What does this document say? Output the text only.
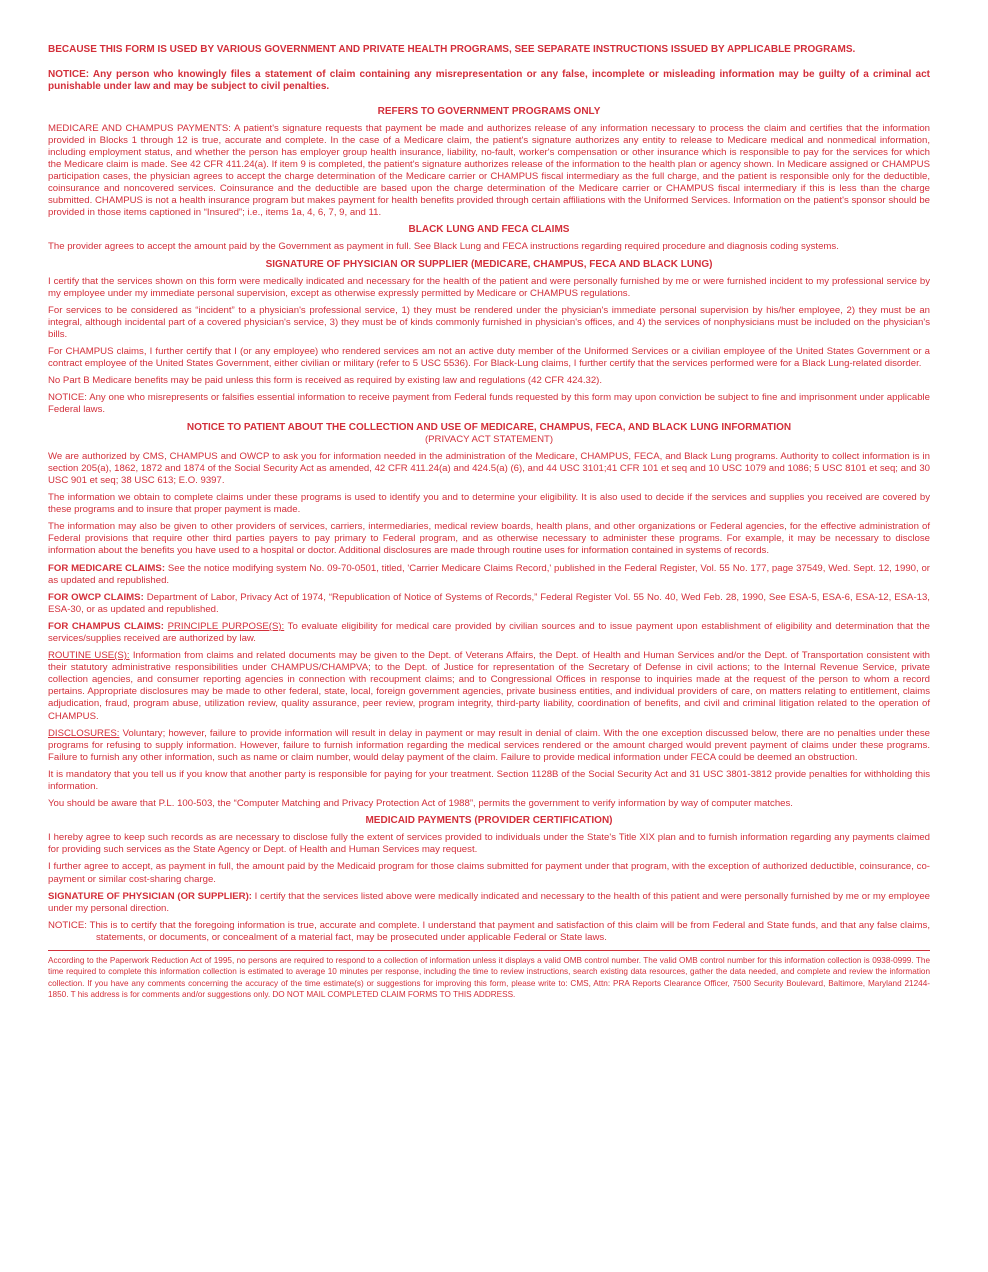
BECAUSE THIS FORM IS USED BY VARIOUS GOVERNMENT AND PRIVATE HEALTH PROGRAMS, SEE SEPARATE INSTRUCTIONS ISSUED BY APPLICABLE PROGRAMS.

NOTICE: Any person who knowingly files a statement of claim containing any misrepresentation or any false, incomplete or misleading information may be guilty of a criminal act punishable under law and may be subject to civil penalties.

REFERS TO GOVERNMENT PROGRAMS ONLY

MEDICARE AND CHAMPUS PAYMENTS: A patient's signature requests that payment be made and authorizes release of any information necessary to process the claim and certifies that the information provided in Blocks 1 through 12 is true, accurate and complete. In the case of a Medicare claim, the patient's signature authorizes any entity to release to Medicare medical and nonmedical information, including employment status, and whether the person has employer group health insurance, liability, no-fault, worker's compensation or other insurance which is responsible to pay for the services for which the Medicare claim is made. See 42 CFR 411.24(a). If item 9 is completed, the patient's signature authorizes release of the information to the health plan or agency shown. In Medicare assigned or CHAMPUS participation cases, the physician agrees to accept the charge determination of the Medicare carrier or CHAMPUS fiscal intermediary as the full charge, and the patient is responsible only for the deductible, coinsurance and noncovered services. Coinsurance and the deductible are based upon the charge determination of the Medicare carrier or CHAMPUS fiscal intermediary if this is less than the charge submitted. CHAMPUS is not a health insurance program but makes payment for health benefits provided through certain affiliations with the Uniformed Services. Information on the patient's sponsor should be provided in those items captioned in “Insured”; i.e., items 1a, 4, 6, 7, 9, and 11.

BLACK LUNG AND FECA CLAIMS

The provider agrees to accept the amount paid by the Government as payment in full. See Black Lung and FECA instructions regarding required procedure and diagnosis coding systems.

SIGNATURE OF PHYSICIAN OR SUPPLIER (MEDICARE, CHAMPUS, FECA AND BLACK LUNG)

I certify that the services shown on this form were medically indicated and necessary for the health of the patient and were personally furnished by me or were furnished incident to my professional service by my employee under my immediate personal supervision, except as otherwise expressly permitted by Medicare or CHAMPUS regulations.

For services to be considered as “incident” to a physician's professional service, 1) they must be rendered under the physician's immediate personal supervision by his/her employee, 2) they must be an integral, although incidental part of a covered physician's service, 3) they must be of kinds commonly furnished in physician's offices, and 4) the services of nonphysicians must be included on the physician's bills.

For CHAMPUS claims, I further certify that I (or any employee) who rendered services am not an active duty member of the Uniformed Services or a civilian employee of the United States Government or a contract employee of the United States Government, either civilian or military (refer to 5 USC 5536). For Black-Lung claims, I further certify that the services performed were for a Black Lung-related disorder.

No Part B Medicare benefits may be paid unless this form is received as required by existing law and regulations (42 CFR 424.32).

NOTICE: Any one who misrepresents or falsifies essential information to receive payment from Federal funds requested by this form may upon conviction be subject to fine and imprisonment under applicable Federal laws.

NOTICE TO PATIENT ABOUT THE COLLECTION AND USE OF MEDICARE, CHAMPUS, FECA, AND BLACK LUNG INFORMATION
(PRIVACY ACT STATEMENT)

We are authorized by CMS, CHAMPUS and OWCP to ask you for information needed in the administration of the Medicare, CHAMPUS, FECA, and Black Lung programs. Authority to collect information is in section 205(a), 1862, 1872 and 1874 of the Social Security Act as amended, 42 CFR 411.24(a) and 424.5(a) (6), and 44 USC 3101;41 CFR 101 et seq and 10 USC 1079 and 1086; 5 USC 8101 et seq; and 30 USC 901 et seq; 38 USC 613; E.O. 9397.

The information we obtain to complete claims under these programs is used to identify you and to determine your eligibility. It is also used to decide if the services and supplies you received are covered by these programs and to insure that proper payment is made.

The information may also be given to other providers of services, carriers, intermediaries, medical review boards, health plans, and other organizations or Federal agencies, for the effective administration of Federal provisions that require other third parties payers to pay primary to Federal program, and as otherwise necessary to administer these programs. For example, it may be necessary to disclose information about the benefits you have used to a hospital or doctor. Additional disclosures are made through routine uses for information contained in systems of records.

FOR MEDICARE CLAIMS: See the notice modifying system No. 09-70-0501, titled, 'Carrier Medicare Claims Record,' published in the Federal Register, Vol. 55 No. 177, page 37549, Wed. Sept. 12, 1990, or as updated and republished.

FOR OWCP CLAIMS: Department of Labor, Privacy Act of 1974, “Republication of Notice of Systems of Records,” Federal Register Vol. 55 No. 40, Wed Feb. 28, 1990, See ESA-5, ESA-6, ESA-12, ESA-13, ESA-30, or as updated and republished.

FOR CHAMPUS CLAIMS: PRINCIPLE PURPOSE(S): To evaluate eligibility for medical care provided by civilian sources and to issue payment upon establishment of eligibility and determination that the services/supplies received are authorized by law.

ROUTINE USE(S): Information from claims and related documents may be given to the Dept. of Veterans Affairs, the Dept. of Health and Human Services and/or the Dept. of Transportation consistent with their statutory administrative responsibilities under CHAMPUS/CHAMPVA; to the Dept. of Justice for representation of the Secretary of Defense in civil actions; to the Internal Revenue Service, private collection agencies, and consumer reporting agencies in connection with recoupment claims; and to Congressional Offices in response to inquiries made at the request of the person to whom a record pertains. Appropriate disclosures may be made to other federal, state, local, foreign government agencies, private business entities, and individual providers of care, on matters relating to entitlement, claims adjudication, fraud, program abuse, utilization review, quality assurance, peer review, program integrity, third-party liability, coordination of benefits, and civil and criminal litigation related to the operation of CHAMPUS.

DISCLOSURES: Voluntary; however, failure to provide information will result in delay in payment or may result in denial of claim. With the one exception discussed below, there are no penalties under these programs for refusing to supply information. However, failure to furnish information regarding the medical services rendered or the amount charged would prevent payment of claims under these programs. Failure to furnish any other information, such as name or claim number, would delay payment of the claim. Failure to provide medical information under FECA could be deemed an obstruction.

It is mandatory that you tell us if you know that another party is responsible for paying for your treatment. Section 1128B of the Social Security Act and 31 USC 3801-3812 provide penalties for withholding this information.

You should be aware that P.L. 100-503, the “Computer Matching and Privacy Protection Act of 1988”, permits the government to verify information by way of computer matches.

MEDICAID PAYMENTS (PROVIDER CERTIFICATION)

I hereby agree to keep such records as are necessary to disclose fully the extent of services provided to individuals under the State's Title XIX plan and to furnish information regarding any payments claimed for providing such services as the State Agency or Dept. of Health and Human Services may request.

I further agree to accept, as payment in full, the amount paid by the Medicaid program for those claims submitted for payment under that program, with the exception of authorized deductible, coinsurance, co-payment or similar cost-sharing charge.

SIGNATURE OF PHYSICIAN (OR SUPPLIER): I certify that the services listed above were medically indicated and necessary to the health of this patient and were personally furnished by me or my employee under my personal direction.

NOTICE: This is to certify that the foregoing information is true, accurate and complete. I understand that payment and satisfaction of this claim will be from Federal and State funds, and that any false claims, statements, or documents, or concealment of a material fact, may be prosecuted under applicable Federal or State laws.

According to the Paperwork Reduction Act of 1995, no persons are required to respond to a collection of information unless it displays a valid OMB control number. The valid OMB control number for this information collection is 0938-0999. The time required to complete this information collection is estimated to average 10 minutes per response, including the time to review instructions, search existing data resources, gather the data needed, and complete and review the information collection. If you have any comments concerning the accuracy of the time estimate(s) or suggestions for improving this form, please write to: CMS, Attn: PRA Reports Clearance Officer, 7500 Security Boulevard, Baltimore, Maryland 21244-1850. T his address is for comments and/or suggestions only. DO NOT MAIL COMPLETED CLAIM FORMS TO THIS ADDRESS.
